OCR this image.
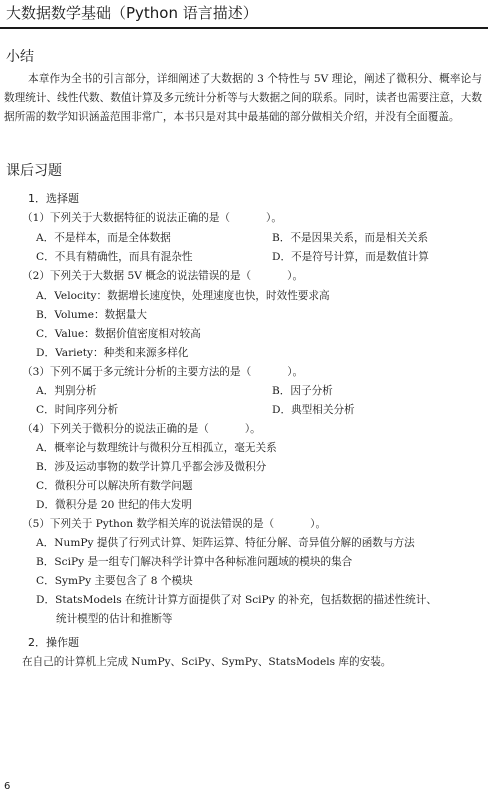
大数据数学基础（Python 语言描述）
小结
本章作为全书的引言部分，详细阐述了大数据的 3 个特性与 5V 理论，阐述了微积分、概率论与数理统计、线性代数、数值计算及多元统计分析等与大数据之间的联系。同时，读者也需要注意，大数据所需的数学知识涵盖范围非常广，本书只是对其中最基础的部分做相关介绍，并没有全面覆盖。
课后习题
1．选择题
（1）下列关于大数据特征的说法正确的是（	）。
A．不是样本，而是全体数据	B．不是因果关系，而是相关关系
C．不具有精确性，而具有混杂性	D．不是符号计算，而是数值计算
（2）下列关于大数据 5V 概念的说法错误的是（	）。
A．Velocity：数据增长速度快，处理速度也快，时效性要求高
B．Volume：数据量大
C．Value：数据价值密度相对较高
D．Variety：种类和来源多样化
（3）下列不属于多元统计分析的主要方法的是（	）。
A．判别分析	B．因子分析
C．时间序列分析	D．典型相关分析
（4）下列关于微积分的说法正确的是（	）。
A．概率论与数理统计与微积分互相孤立，毫无关系
B．涉及运动事物的数学计算几乎都会涉及微积分
C．微积分可以解决所有数学问题
D．微积分是 20 世纪的伟大发明
（5）下列关于 Python 数学相关库的说法错误的是（	）。
A．NumPy 提供了行列式计算、矩阵运算、特征分解、奇异值分解的函数与方法
B．SciPy 是一组专门解决科学计算中各种标准问题域的模块的集合
C．SymPy 主要包含了 8 个模块
D．StatsModels 在统计计算方面提供了对 SciPy 的补充，包括数据的描述性统计、
统计模型的估计和推断等
2．操作题
在自己的计算机上完成 NumPy、SciPy、SymPy、StatsModels 库的安装。
6
